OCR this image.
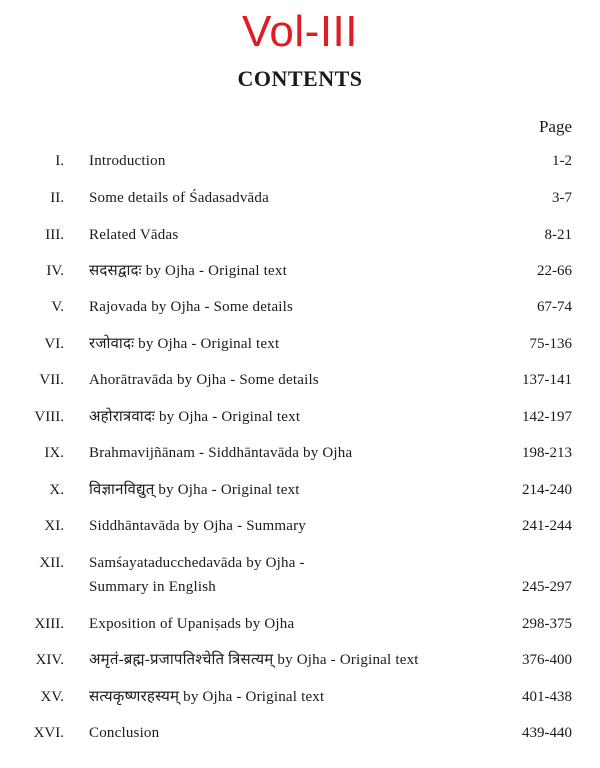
Vol-III
CONTENTS
Page
I. Introduction	1-2
II. Some details of Śadasadvāda	3-7
III. Related Vādas	8-21
IV. सदसद्वादः by Ojha - Original text	22-66
V. Rajovada by Ojha - Some details	67-74
VI. रजोवादः by Ojha - Original text	75-136
VII. Ahorātravāda by Ojha - Some details	137-141
VIII. अहोरात्रवादः by Ojha - Original text	142-197
IX. Brahmavijñānam - Siddhāntavāda by Ojha	198-213
X. विज्ञानविद्युत् by Ojha - Original text	214-240
XI. Siddhāntavāda by Ojha - Summary	241-244
XII. Samśayataducchedavāda by Ojha -
Summary in English	245-297
XIII. Exposition of Upaniṣads by Ojha	298-375
XIV. अमृतं-ब्रह्म-प्रजापतिश्चेति त्रिसत्यम् by Ojha - Original text	376-400
XV. सत्यकृष्णरहस्यम् by Ojha - Original text	401-438
XVI. Conclusion	439-440
